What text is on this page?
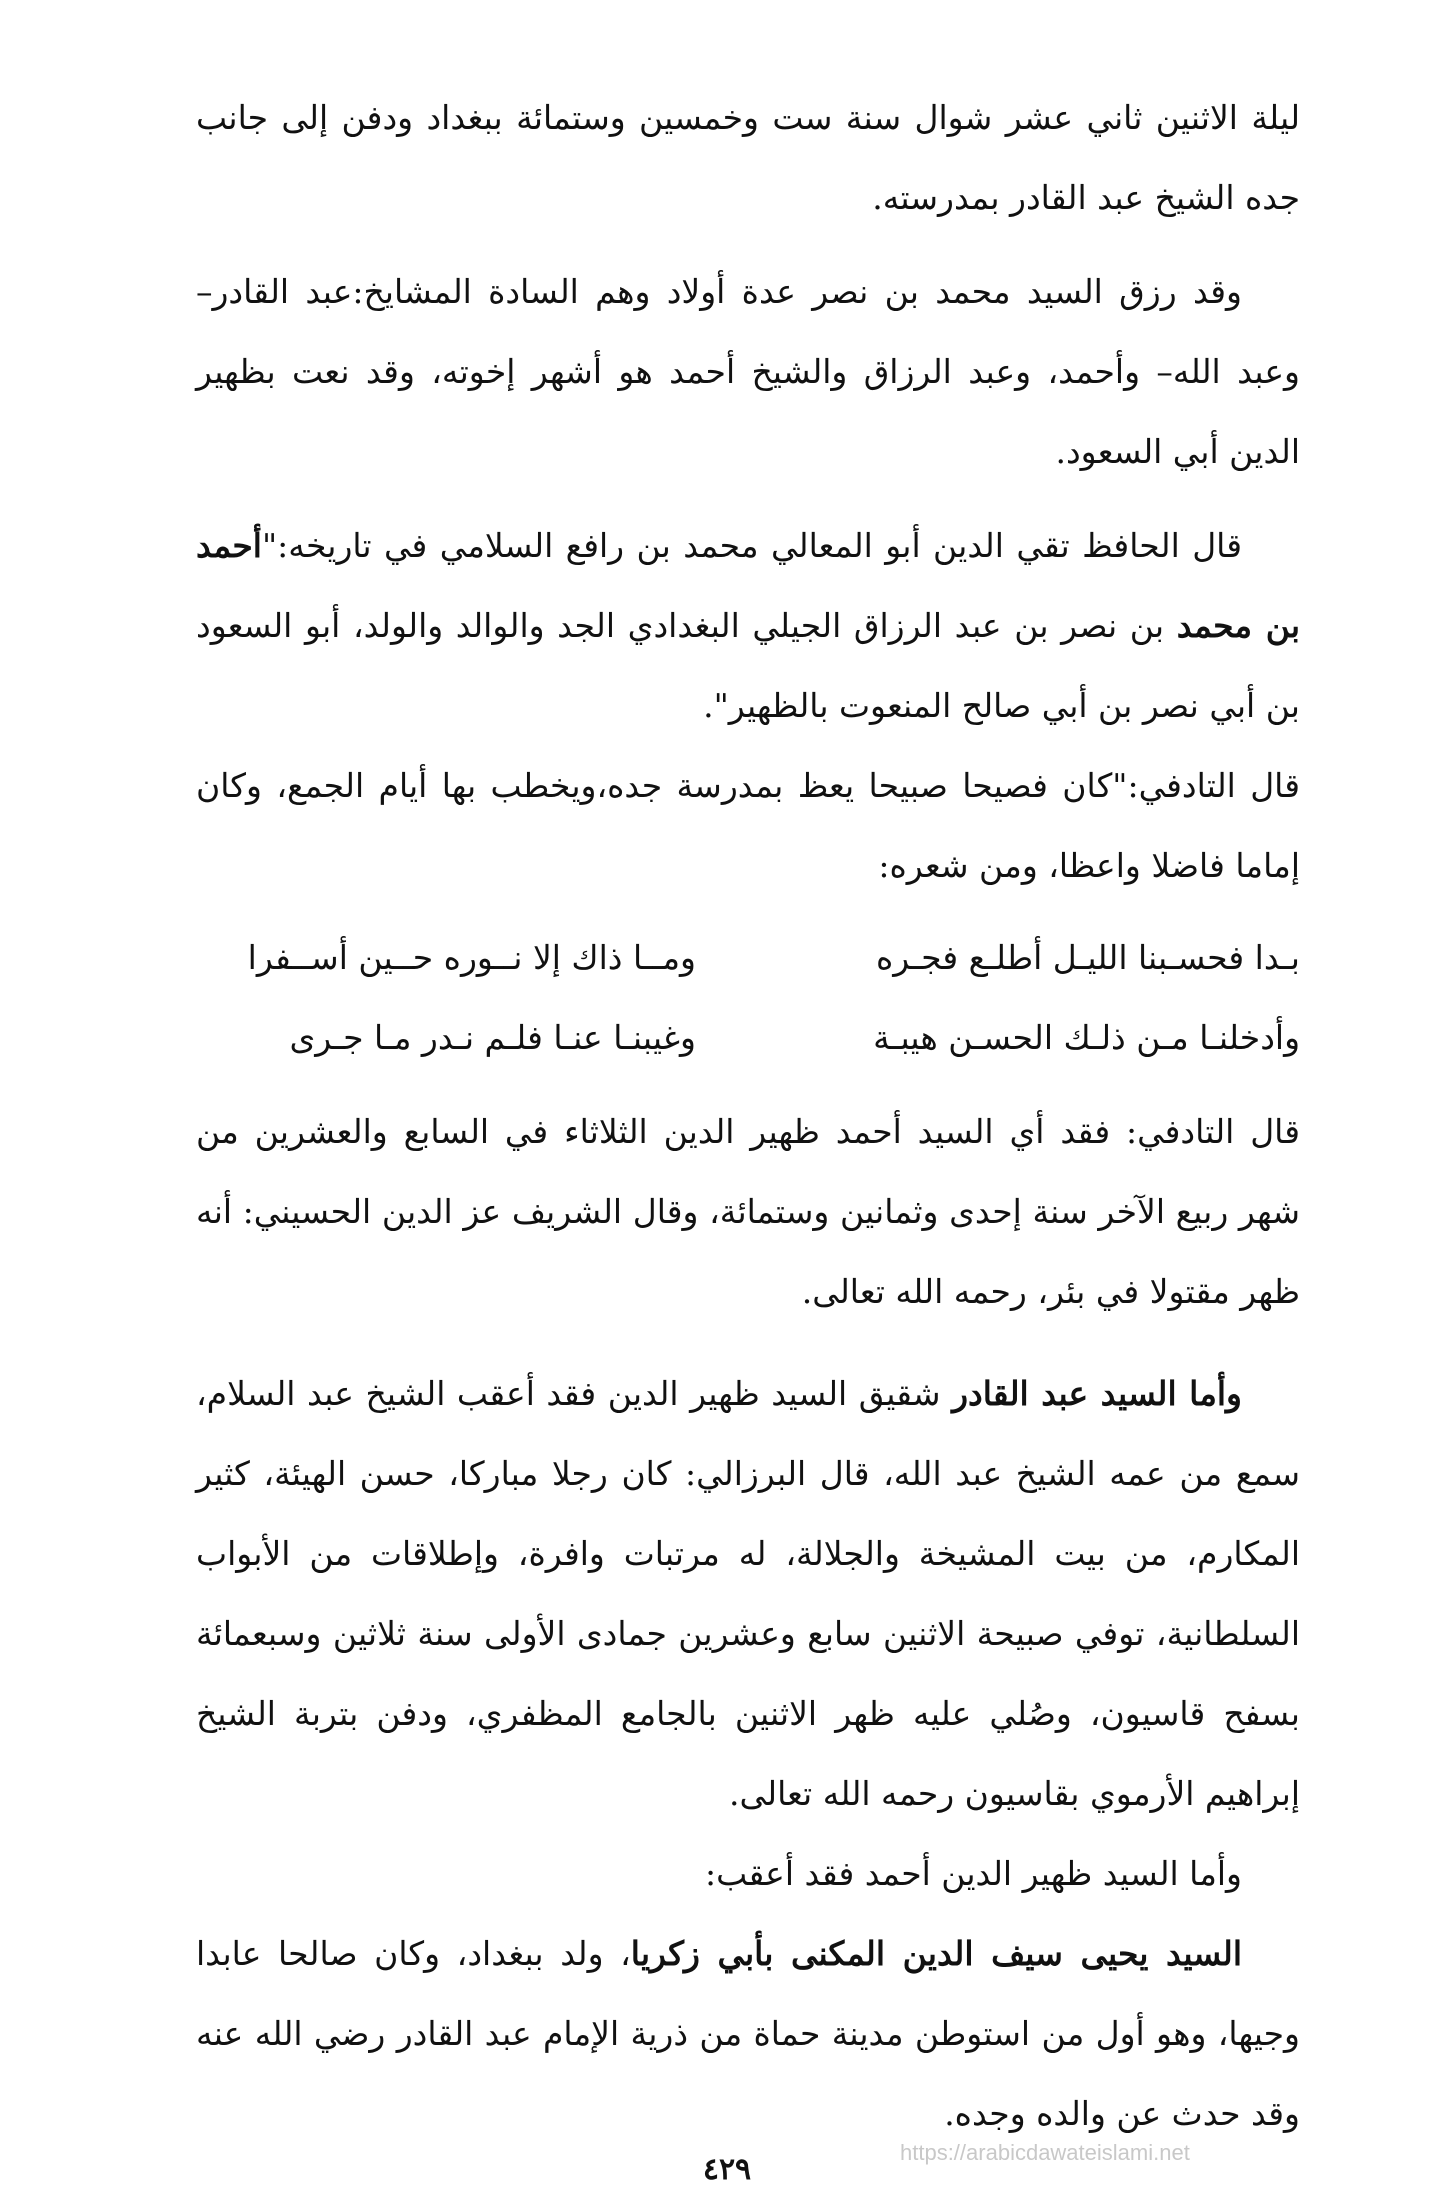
ليلة الاثنين ثاني عشر شوال سنة ست وخمسين وستمائة ببغداد ودفن إلى جانب جده الشيخ عبد القادر بمدرسته.

وقد رزق السيد محمد بن نصر عدة أولاد وهم السادة المشايخ:عبد القادر– وعبد الله– وأحمد، وعبد الرزاق والشيخ أحمد هو أشهر إخوته، وقد نعت بظهير الدين أبي السعود.

قال الحافظ تقي الدين أبو المعالي محمد بن رافع السلامي في تاريخه:"أحمد بن محمد بن نصر بن عبد الرزاق الجيلي البغدادي الجد والوالد والولد، أبو السعود بن أبي نصر بن أبي صالح المنعوت بالظهير".

قال التادفي:"كان فصيحا صبيحا يعظ بمدرسة جده،ويخطب بها أيام الجمع، وكان إماما فاضلا واعظا، ومن شعره:

بـدا فحسـبنا الليـل أطلـع فجـره
ومــا ذاك إلا نــوره حــين أســفرا
وأدخلنـا مـن ذلـك الحسـن هيبـة
وغيبنـا عنـا فلـم نـدر مـا جـرى

قال التادفي: فقد أي السيد أحمد ظهير الدين الثلاثاء في السابع والعشرين من شهر ربيع الآخر سنة إحدى وثمانين وستمائة، وقال الشريف عز الدين الحسيني: أنه ظهر مقتولا في بئر، رحمه الله تعالى.

وأما السيد عبد القادر شقيق السيد ظهير الدين فقد أعقب الشيخ عبد السلام، سمع من عمه الشيخ عبد الله، قال البرزالي: كان رجلا مباركا، حسن الهيئة، كثير المكارم، من بيت المشيخة والجلالة، له مرتبات وافرة، وإطلاقات من الأبواب السلطانية، توفي صبيحة الاثنين سابع وعشرين جمادى الأولى سنة ثلاثين وسبعمائة بسفح قاسيون، وصُلي عليه ظهر الاثنين بالجامع المظفري، ودفن بتربة الشيخ إبراهيم الأرموي بقاسيون رحمه الله تعالى.

وأما السيد ظهير الدين أحمد فقد أعقب:

السيد يحيى سيف الدين المكنى بأبي زكريا، ولد ببغداد، وكان صالحا عابدا وجيها، وهو أول من استوطن مدينة حماة من ذرية الإمام عبد القادر رضي الله عنه وقد حدث عن والده وجده.

https://arabicdawateislami.net
٤٢٩
